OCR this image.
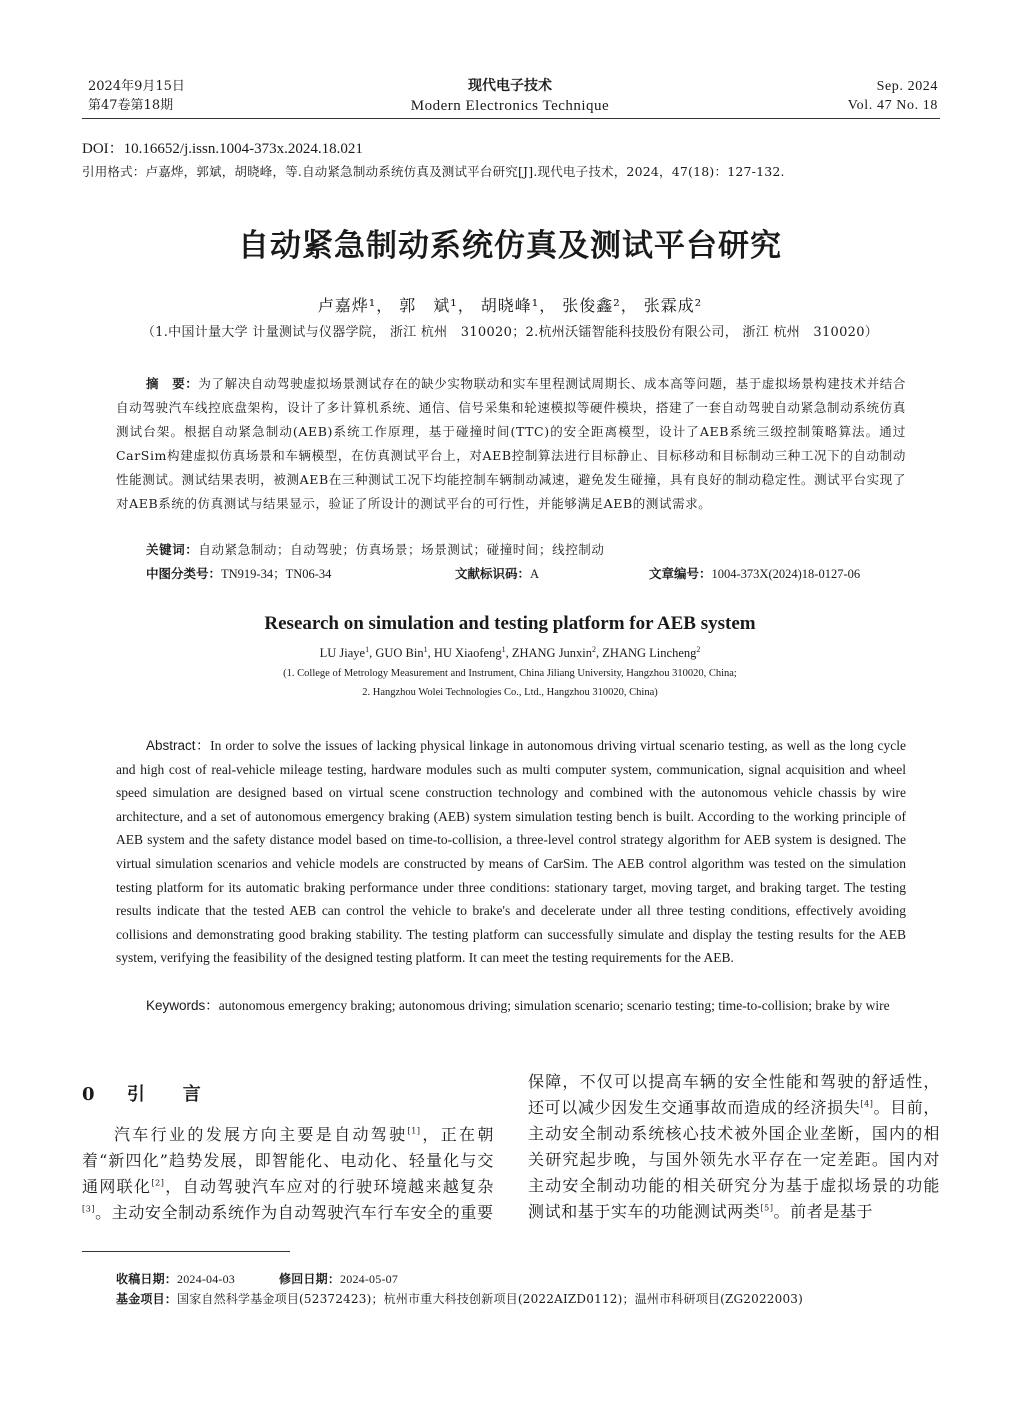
2024年9月15日
第47卷第18期
现代电子技术
Modern Electronics Technique
Sep. 2024
Vol. 47 No. 18
DOI：10.16652/j.issn.1004-373x.2024.18.021
引用格式：卢嘉烨，郭斌，胡晓峰，等.自动紧急制动系统仿真及测试平台研究[J].现代电子技术，2024，47(18)：127-132.
自动紧急制动系统仿真及测试平台研究
卢嘉烨¹， 郭　斌¹， 胡晓峰¹， 张俊鑫²， 张霖成²
（1.中国计量大学 计量测试与仪器学院， 浙江 杭州　310020；2.杭州沃镭智能科技股份有限公司， 浙江 杭州　310020）
摘　要：为了解决自动驾驶虚拟场景测试存在的缺少实物联动和实车里程测试周期长、成本高等问题，基于虚拟场景构建技术并结合自动驾驶汽车线控底盘架构，设计了多计算机系统、通信、信号采集和轮速模拟等硬件模块，搭建了一套自动驾驶自动紧急制动系统仿真测试台架。根据自动紧急制动(AEB)系统工作原理，基于碰撞时间(TTC)的安全距离模型，设计了AEB系统三级控制策略算法。通过CarSim构建虚拟仿真场景和车辆模型，在仿真测试平台上，对AEB控制算法进行目标静止、目标移动和目标制动三种工况下的自动制动性能测试。测试结果表明，被测AEB在三种测试工况下均能控制车辆制动减速，避免发生碰撞，具有良好的制动稳定性。测试平台实现了对AEB系统的仿真测试与结果显示，验证了所设计的测试平台的可行性，并能够满足AEB的测试需求。
关键词：自动紧急制动；自动驾驶；仿真场景；场景测试；碰撞时间；线控制动
中图分类号：TN919-34；TN06-34	文献标识码：A	文章编号：1004-373X(2024)18-0127-06
Research on simulation and testing platform for AEB system
LU Jiaye$^1$, GUO Bin$^1$, HU Xiaofeng$^1$, ZHANG Junxin$^2$, ZHANG Lincheng$^2$
(1. College of Metrology Measurement and Instrument, China Jiliang University, Hangzhou 310020, China;
2. Hangzhou Wolei Technologies Co., Ltd., Hangzhou 310020, China)
Abstract：In order to solve the issues of lacking physical linkage in autonomous driving virtual scenario testing, as well as the long cycle and high cost of real-vehicle mileage testing, hardware modules such as multi computer system, communication, signal acquisition and wheel speed simulation are designed based on virtual scene construction technology and combined with the autonomous vehicle chassis by wire architecture, and a set of autonomous emergency braking (AEB) system simulation testing bench is built. According to the working principle of AEB system and the safety distance model based on time-to-collision, a three-level control strategy algorithm for AEB system is designed. The virtual simulation scenarios and vehicle models are constructed by means of CarSim. The AEB control algorithm was tested on the simulation testing platform for its automatic braking performance under three conditions: stationary target, moving target, and braking target. The testing results indicate that the tested AEB can control the vehicle to brake's and decelerate under all three testing conditions, effectively avoiding collisions and demonstrating good braking stability. The testing platform can successfully simulate and display the testing results for the AEB system, verifying the feasibility of the designed testing platform. It can meet the testing requirements for the AEB.
Keywords：autonomous emergency braking; autonomous driving; simulation scenario; scenario testing; time-to-collision; brake by wire
0 引　言
汽车行业的发展方向主要是自动驾驶[1]，正在朝着“新四化”趋势发展，即智能化、电动化、轻量化与交通网联化[2]，自动驾驶汽车应对的行驶环境越来越复杂[3]。主动安全制动系统作为自动驾驶汽车行车安全的重要
保障，不仅可以提高车辆的安全性能和驾驶的舒适性，还可以减少因发生交通事故而造成的经济损失[4]。目前，主动安全制动系统核心技术被外国企业垄断，国内的相关研究起步晚，与国外领先水平存在一定差距。国内对主动安全制动功能的相关研究分为基于虚拟场景的功能测试和基于实车的功能测试两类[5]。前者是基于
收稿日期：2024-04-03	修回日期：2024-05-07
基金项目：国家自然科学基金项目(52372423)；杭州市重大科技创新项目(2022AIZD0112)；温州市科研项目(ZG2022003)
